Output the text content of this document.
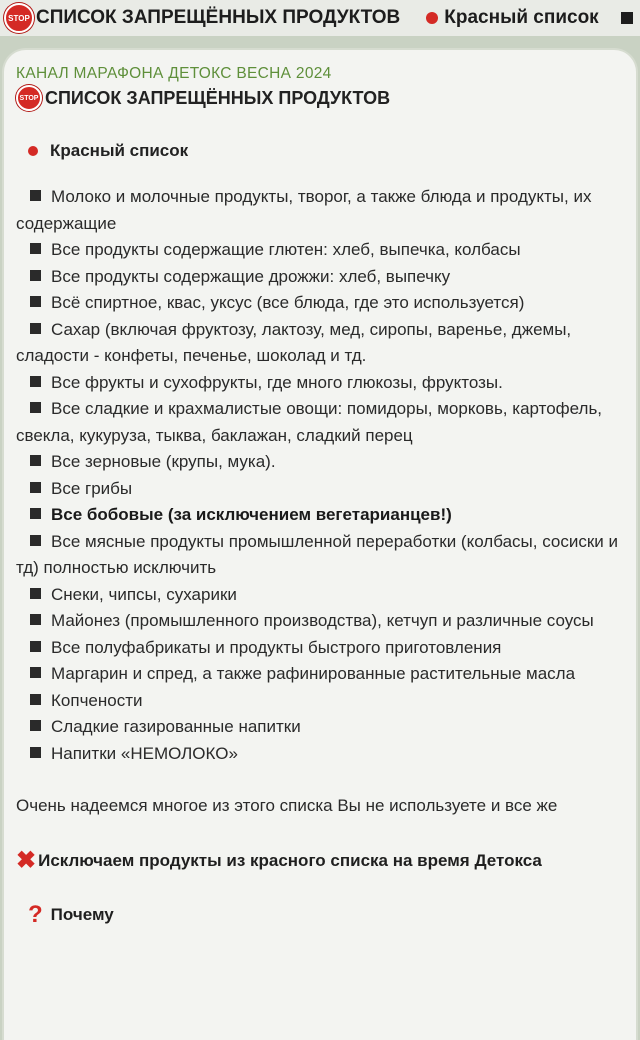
STOP СПИСОК ЗАПРЕЩЁННЫХ ПРОДУКТОВ Красный список
КАНАЛ МАРАФОНА ДЕТОКС ВЕСНА 2024
STOP СПИСОК ЗАПРЕЩЁННЫХ ПРОДУКТОВ
Красный список
Молоко и молочные продукты, творог, а также блюда и продукты, их содержащие
Все продукты содержащие глютен: хлеб, выпечка, колбасы
Все продукты содержащие дрожжи: хлеб, выпечку
Всё спиртное, квас, уксус (все блюда, где это используется)
Сахар (включая фруктозу, лактозу, мед, сиропы, варенье, джемы, сладости - конфеты, печенье, шоколад и тд.
Все фрукты и сухофрукты, где много глюкозы, фруктозы.
Все сладкие и крахмалистые овощи: помидоры, морковь, картофель, свекла, кукуруза, тыква, баклажан, сладкий перец
Все зерновые (крупы, мука).
Все грибы
Все бобовые (за исключением вегетарианцев!)
Все мясные продукты промышленной переработки (колбасы, сосиски и тд) полностью исключить
Снеки, чипсы, сухарики
Майонез (промышленного производства), кетчуп и различные соусы
Все полуфабрикаты и продукты быстрого приготовления
Маргарин и спред, а также рафинированные растительные масла
Копчености
Сладкие газированные напитки
Напитки «НЕМОЛОКО»
Очень надеемся многое из этого списка Вы не используете и все же
✖ Исключаем продукты из красного списка на время Детокса
? Почему
